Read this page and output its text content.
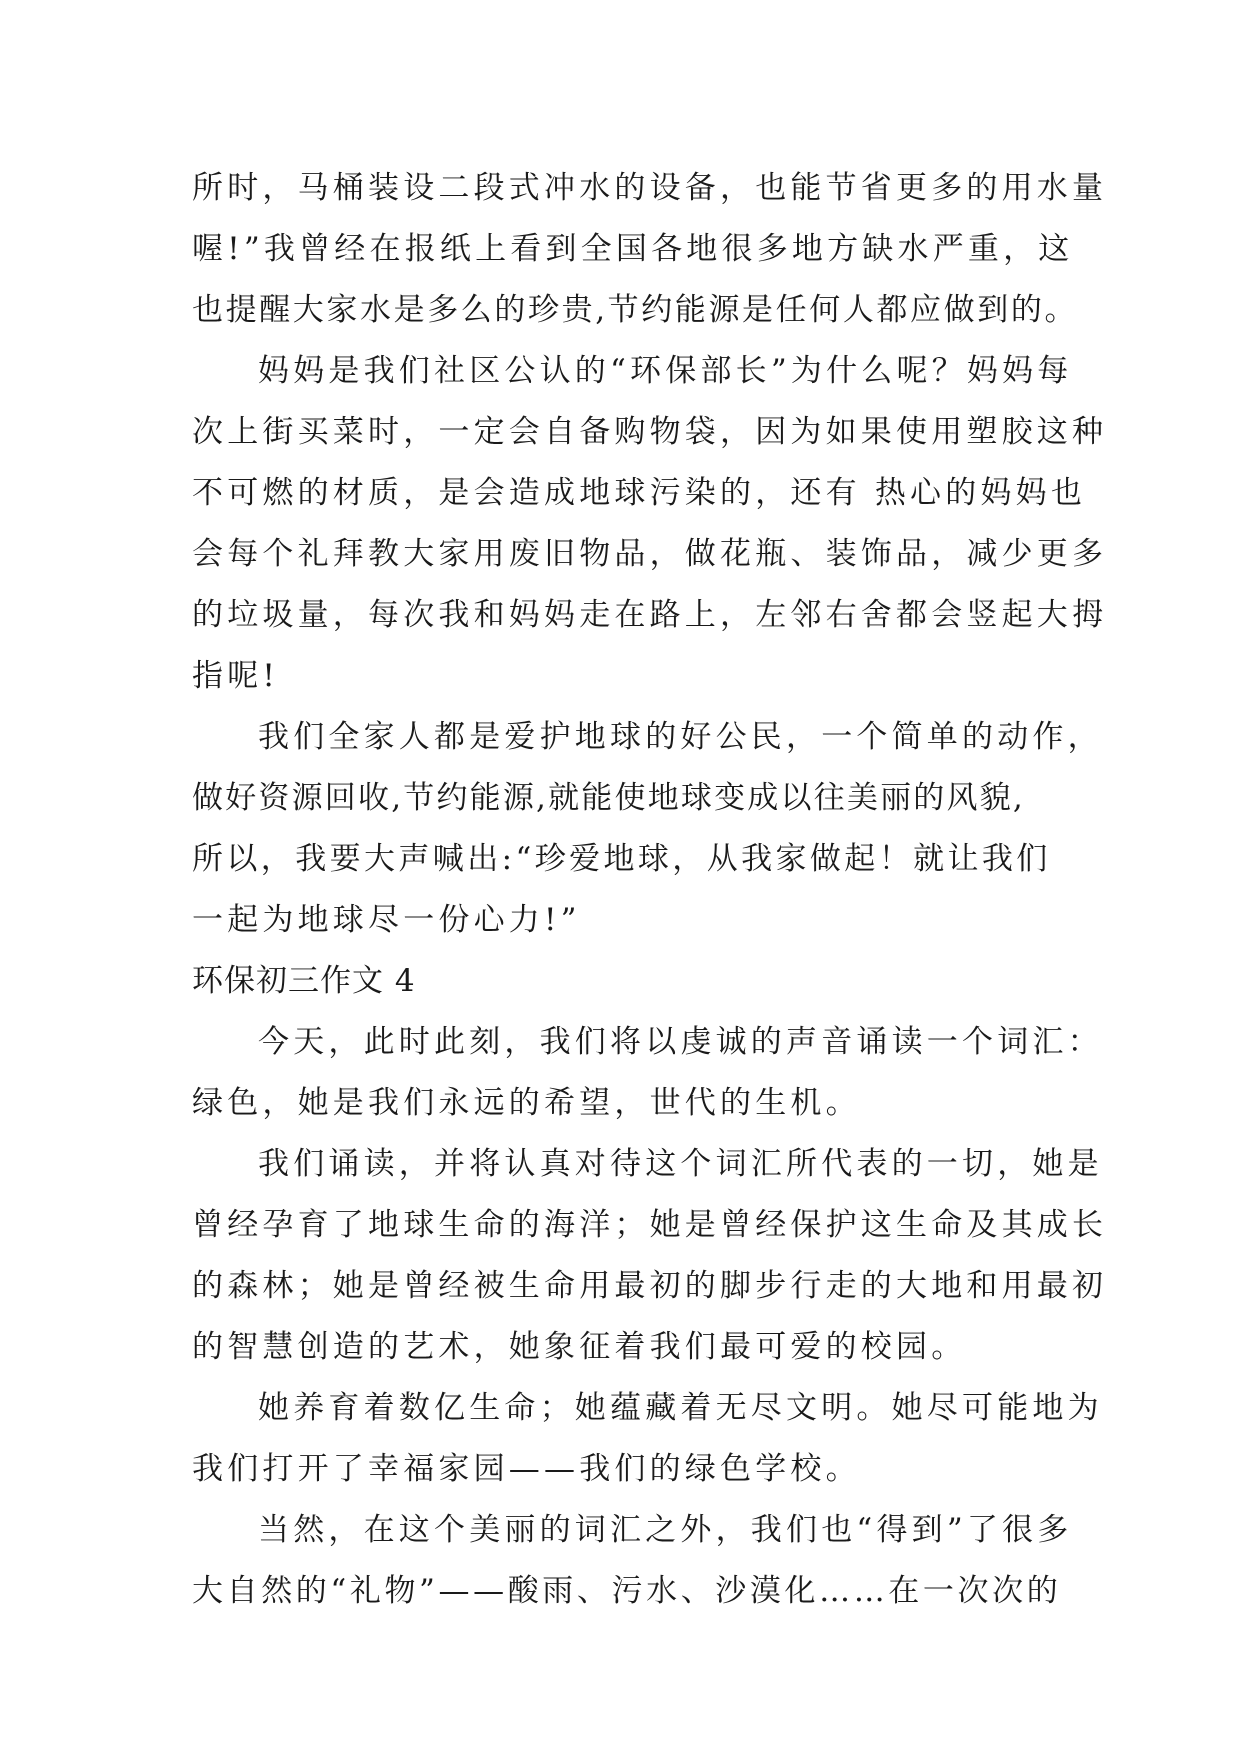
所时，马桶装设二段式冲水的设备，也能节省更多的用水量
喔!”我曾经在报纸上看到全国各地很多地方缺水严重，这
也提醒大家水是多么的珍贵,节约能源是任何人都应做到的。
妈妈是我们社区公认的“环保部长”为什么呢？妈妈每
次上街买菜时，一定会自备购物袋，因为如果使用塑胶这种
不可燃的材质，是会造成地球污染的，还有 热心的妈妈也
会每个礼拜教大家用废旧物品，做花瓶、装饰品，减少更多
的垃圾量，每次我和妈妈走在路上，左邻右舍都会竖起大拇
指呢!
我们全家人都是爱护地球的好公民，一个简单的动作，
做好资源回收,节约能源,就能使地球变成以往美丽的风貌,
所以，我要大声喊出:“珍爱地球，从我家做起！就让我们
一起为地球尽一份心力!”
环保初三作文 4
今天，此时此刻，我们将以虔诚的声音诵读一个词汇：
绿色，她是我们永远的希望，世代的生机。
我们诵读，并将认真对待这个词汇所代表的一切，她是
曾经孕育了地球生命的海洋；她是曾经保护这生命及其成长
的森林；她是曾经被生命用最初的脚步行走的大地和用最初
的智慧创造的艺术，她象征着我们最可爱的校园。
她养育着数亿生命；她蕴藏着无尽文明。她尽可能地为
我们打开了幸福家园——我们的绿色学校。
当然，在这个美丽的词汇之外，我们也“得到”了很多
大自然的“礼物”——酸雨、污水、沙漠化……在一次次的
